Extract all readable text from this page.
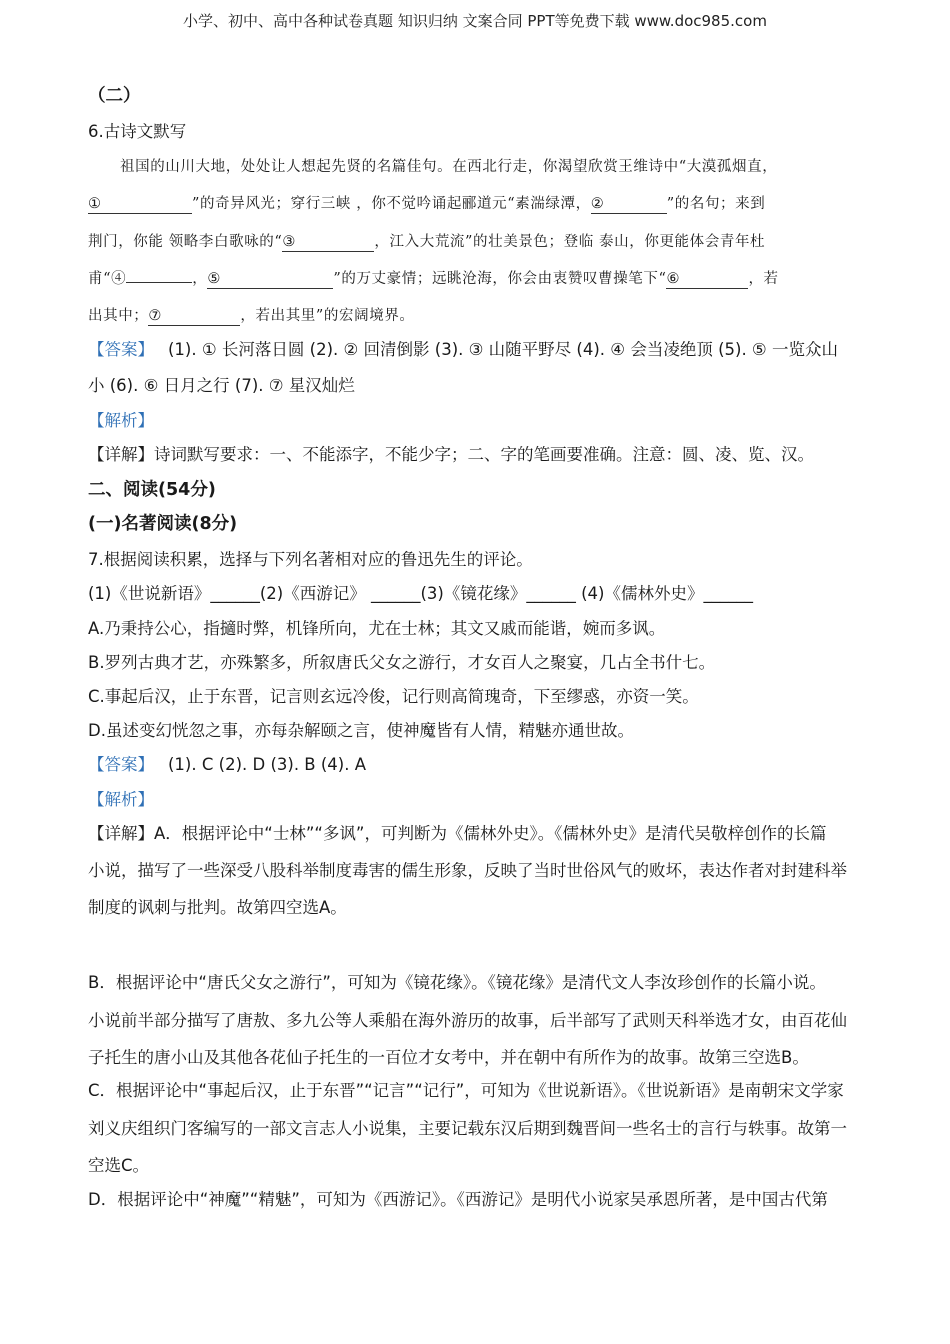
小学、初中、高中各种试卷真题 知识归纳 文案合同 PPT等免费下载 www.doc985.com
（二）
6.古诗文默写
祖国的山川大地，处处让人想起先贤的名篇佳句。在西北行走，你渴望欣赏王维诗中“大漠孤烟直，
①	”的奇异风光；穿行三峡 ，你不觉吟诵起郦道元“素湍绿潭，②	”的名句；来到
荆门，你能 领略李白歌咏的“③	，江入大荒流”的壮美景色；登临 泰山，你更能体会青年杜
甫“④	，⑤	”的万丈豪情；远眺沧海，你会由衷赞叹曹操笔下“⑥	，若
出其中；⑦	，若出其里”的宏阔境界。
【答案】 (1). ① 长河落日圆 (2). ② 回清倒影 (3). ③ 山随平野尽 (4). ④ 会当凌绝顶 (5). ⑤ 一览众山
小 (6). ⑥ 日月之行 (7). ⑦ 星汉灿烂
【解析】
【详解】诗词默写要求：一、不能添字，不能少字；二、字的笔画要准确。注意：圆、凌、览、汉。
二、阅读(54分)
(一)名著阅读(8分)
7.根据阅读积累，选择与下列名著相对应的鲁迅先生的评论。
(1)《世说新语》______(2)《西游记》 ______(3)《镜花缘》______ (4)《儒林外史》______
A.乃秉持公心，指擿时弊，机锋所向，尤在士林；其文又戚而能谐，婉而多讽。
B.罗列古典才艺，亦殊繁多，所叙唐氏父女之游行，才女百人之聚宴，几占全书什七。
C.事起后汉，止于东晋，记言则玄远冷俊，记行则高简瑰奇，下至缪惑，亦资一笑。
D.虽述变幻恍忽之事，亦每杂解颐之言，使神魔皆有人情，精魅亦通世故。
【答案】 (1). C (2). D (3). B (4). A
【解析】
【详解】A．根据评论中“士林”“多讽”，可判断为《儒林外史》。《儒林外史》是清代吴敬梓创作的长篇
小说，描写了一些深受八股科举制度毒害的儒生形象，反映了当时世俗风气的败坏，表达作者对封建科举
制度的讽刺与批判。故第四空选A。
B．根据评论中“唐氏父女之游行”，可知为《镜花缘》。《镜花缘》是清代文人李汝珍创作的长篇小说。
小说前半部分描写了唐敖、多九公等人乘船在海外游历的故事，后半部写了武则天科举选才女，由百花仙
子托生的唐小山及其他各花仙子托生的一百位才女考中，并在朝中有所作为的故事。故第三空选B。
C．根据评论中“事起后汉，止于东晋”“记言”“记行”，可知为《世说新语》。《世说新语》是南朝宋文学家
刘义庆组织门客编写的一部文言志人小说集，主要记载东汉后期到魏晋间一些名士的言行与轶事。故第一
空选C。
D．根据评论中“神魔”“精魅”，可知为《西游记》。《西游记》是明代小说家吴承恩所著，是中国古代第
